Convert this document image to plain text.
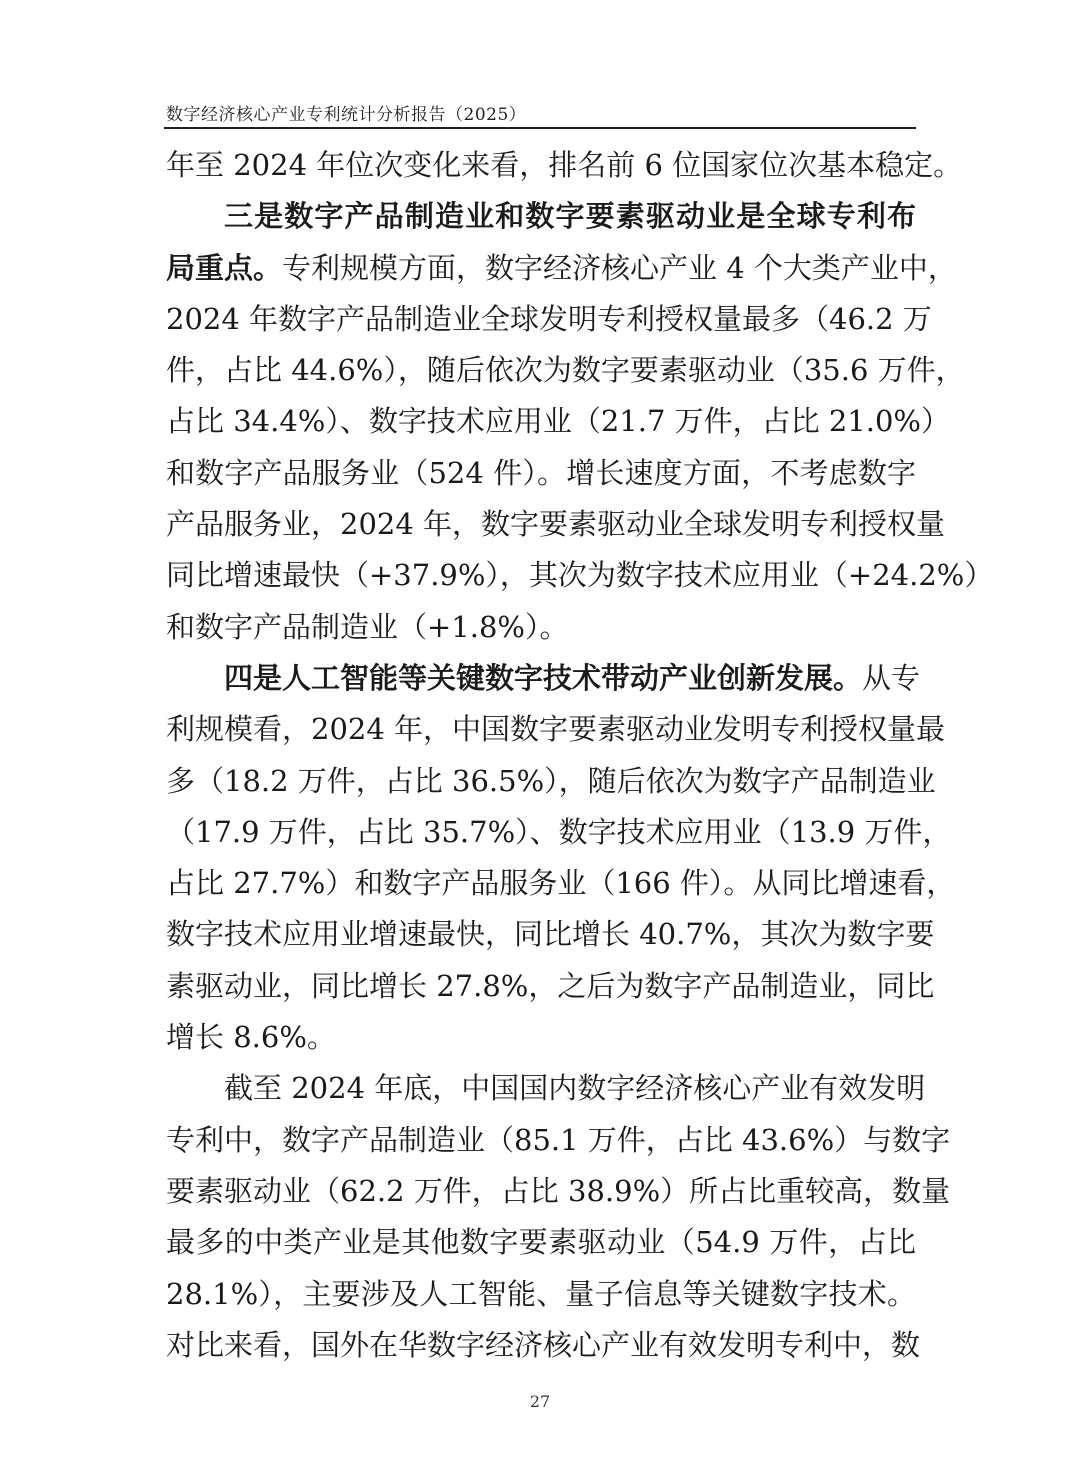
数字经济核心产业专利统计分析报告（2025）
年至 2024 年位次变化来看，排名前 6 位国家位次基本稳定。
三是数字产品制造业和数字要素驱动业是全球专利布
局重点。专利规模方面，数字经济核心产业 4 个大类产业中，
2024 年数字产品制造业全球发明专利授权量最多（46.2 万
件，占比 44.6%），随后依次为数字要素驱动业（35.6 万件，
占比 34.4%）、数字技术应用业（21.7 万件，占比 21.0%）
和数字产品服务业（524 件）。增长速度方面，不考虑数字
产品服务业，2024 年，数字要素驱动业全球发明专利授权量
同比增速最快（+37.9%），其次为数字技术应用业（+24.2%）
和数字产品制造业（+1.8%）。
四是人工智能等关键数字技术带动产业创新发展。从专
利规模看，2024 年，中国数字要素驱动业发明专利授权量最
多（18.2 万件，占比 36.5%），随后依次为数字产品制造业
（17.9 万件，占比 35.7%）、数字技术应用业（13.9 万件，
占比 27.7%）和数字产品服务业（166 件）。从同比增速看，
数字技术应用业增速最快，同比增长 40.7%，其次为数字要
素驱动业，同比增长 27.8%，之后为数字产品制造业，同比
增长 8.6%。
截至 2024 年底，中国国内数字经济核心产业有效发明
专利中，数字产品制造业（85.1 万件，占比 43.6%）与数字
要素驱动业（62.2 万件，占比 38.9%）所占比重较高，数量
最多的中类产业是其他数字要素驱动业（54.9 万件，占比
28.1%），主要涉及人工智能、量子信息等关键数字技术。
对比来看，国外在华数字经济核心产业有效发明专利中，数
27
